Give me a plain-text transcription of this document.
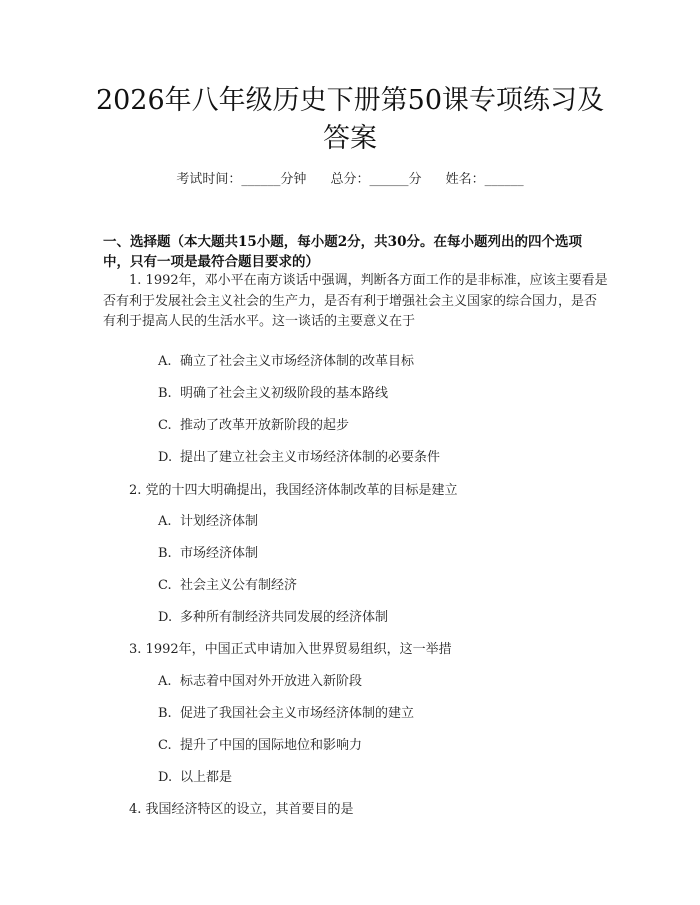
2026年八年级历史下册第50课专项练习及答案
考试时间：______分钟 总分：______分 姓名：______
一、选择题（本大题共15小题，每小题2分，共30分。在每小题列出的四个选项中，只有一项是最符合题目要求的）
1. 1992年，邓小平在南方谈话中强调，判断各方面工作的是非标准，应该主要看是否有利于发展社会主义社会的生产力，是否有利于增强社会主义国家的综合国力，是否有利于提高人民的生活水平。这一谈话的主要意义在于
A. 确立了社会主义市场经济体制的改革目标
B. 明确了社会主义初级阶段的基本路线
C. 推动了改革开放新阶段的起步
D. 提出了建立社会主义市场经济体制的必要条件
2. 党的十四大明确提出，我国经济体制改革的目标是建立
A. 计划经济体制
B. 市场经济体制
C. 社会主义公有制经济
D. 多种所有制经济共同发展的经济体制
3. 1992年，中国正式申请加入世界贸易组织，这一举措
A. 标志着中国对外开放进入新阶段
B. 促进了我国社会主义市场经济体制的建立
C. 提升了中国的国际地位和影响力
D. 以上都是
4. 我国经济特区的设立，其首要目的是
